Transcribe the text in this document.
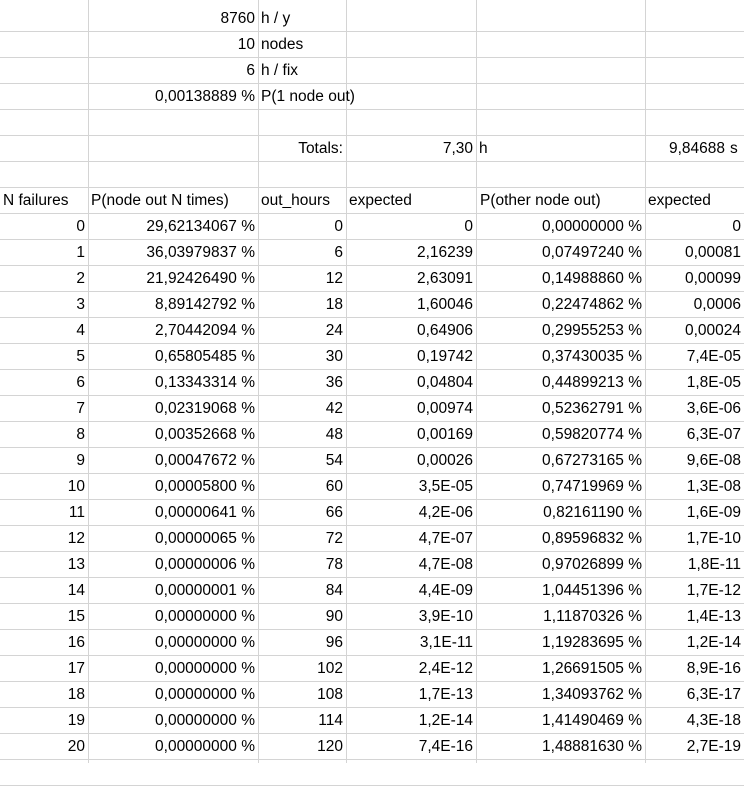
8760 h / y
10 nodes
6 h / fix
0,00138889 % P(1 node out)
Totals:	7,30 h	9,84688 s
N failures	P(node out N times)	out_hours	expected	P(other node out)	expected
0	29,62134067 %	0	0	0,00000000 %	0
1	36,03979837 %	6	2,16239	0,07497240 %	0,00081
2	21,92426490 %	12	2,63091	0,14988860 %	0,00099
3	8,89142792 %	18	1,60046	0,22474862 %	0,0006
4	2,70442094 %	24	0,64906	0,29955253 %	0,00024
5	0,65805485 %	30	0,19742	0,37430035 %	7,4E-05
6	0,13343314 %	36	0,04804	0,44899213 %	1,8E-05
7	0,02319068 %	42	0,00974	0,52362791 %	3,6E-06
8	0,00352668 %	48	0,00169	0,59820774 %	6,3E-07
9	0,00047672 %	54	0,00026	0,67273165 %	9,6E-08
10	0,00005800 %	60	3,5E-05	0,74719969 %	1,3E-08
11	0,00000641 %	66	4,2E-06	0,82161190 %	1,6E-09
12	0,00000065 %	72	4,7E-07	0,89596832 %	1,7E-10
13	0,00000006 %	78	4,7E-08	0,97026899 %	1,8E-11
14	0,00000001 %	84	4,4E-09	1,04451396 %	1,7E-12
15	0,00000000 %	90	3,9E-10	1,11870326 %	1,4E-13
16	0,00000000 %	96	3,1E-11	1,19283695 %	1,2E-14
17	0,00000000 %	102	2,4E-12	1,26691505 %	8,9E-16
18	0,00000000 %	108	1,7E-13	1,34093762 %	6,3E-17
19	0,00000000 %	114	1,2E-14	1,41490469 %	4,3E-18
20	0,00000000 %	120	7,4E-16	1,48881630 %	2,7E-19
